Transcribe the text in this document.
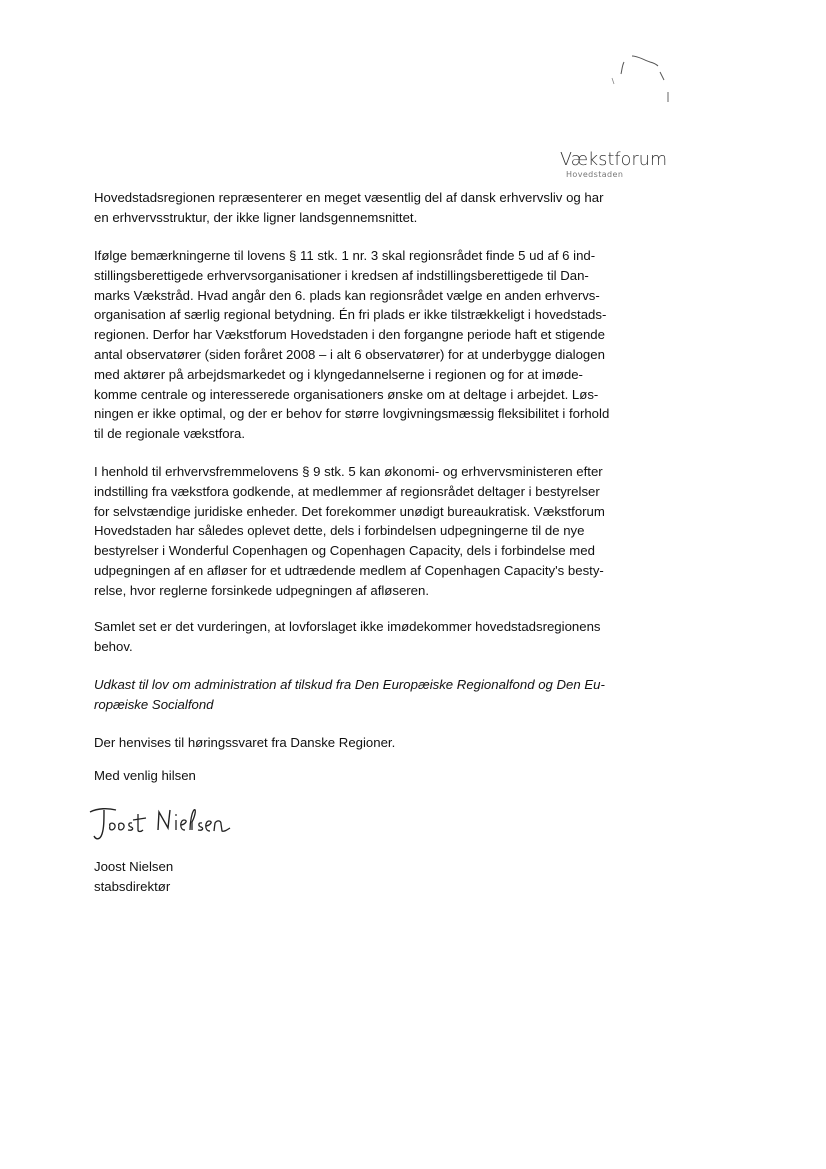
Vækstforum
Hovedstaden

Hovedstadsregionen repræsenterer en meget væsentlig del af dansk erhvervsliv og har
en erhvervsstruktur, der ikke ligner landsgennemsnittet.

Ifølge bemærkningerne til lovens § 11 stk. 1 nr. 3 skal regionsrådet finde 5 ud af 6 ind-
stillingsberettigede erhvervsorganisationer i kredsen af indstillingsberettigede til Dan-
marks Vækstråd. Hvad angår den 6. plads kan regionsrådet vælge en anden erhvervs-
organisation af særlig regional betydning. Én fri plads er ikke tilstrækkeligt i hovedstads-
regionen. Derfor har Vækstforum Hovedstaden i den forgangne periode haft et stigende
antal observatører (siden foråret 2008 – i alt 6 observatører) for at underbygge dialogen
med aktører på arbejdsmarkedet og i klyngedannelserne i regionen og for at imøde-
komme centrale og interesserede organisationers ønske om at deltage i arbejdet. Løs-
ningen er ikke optimal, og der er behov for større lovgivningsmæssig fleksibilitet i forhold
til de regionale vækstfora.

I henhold til erhvervsfremmelovens § 9 stk. 5 kan økonomi- og erhvervsministeren efter
indstilling fra vækstfora godkende, at medlemmer af regionsrådet deltager i bestyrelser
for selvstændige juridiske enheder. Det forekommer unødigt bureaukratisk. Vækstforum
Hovedstaden har således oplevet dette, dels i forbindelsen udpegningerne til de nye
bestyrelser i Wonderful Copenhagen og Copenhagen Capacity, dels i forbindelse med
udpegningen af en afløser for et udtrædende medlem af Copenhagen Capacity's besty-
relse, hvor reglerne forsinkede udpegningen af afløseren.

Samlet set er det vurderingen, at lovforslaget ikke imødekommer hovedstadsregionens
behov.

Udkast til lov om administration af tilskud fra Den Europæiske Regionalfond og Den Eu-
ropæiske Socialfond

Der henvises til høringssvaret fra Danske Regioner.

Med venlig hilsen

Joost Nielsen
stabsdirektør
